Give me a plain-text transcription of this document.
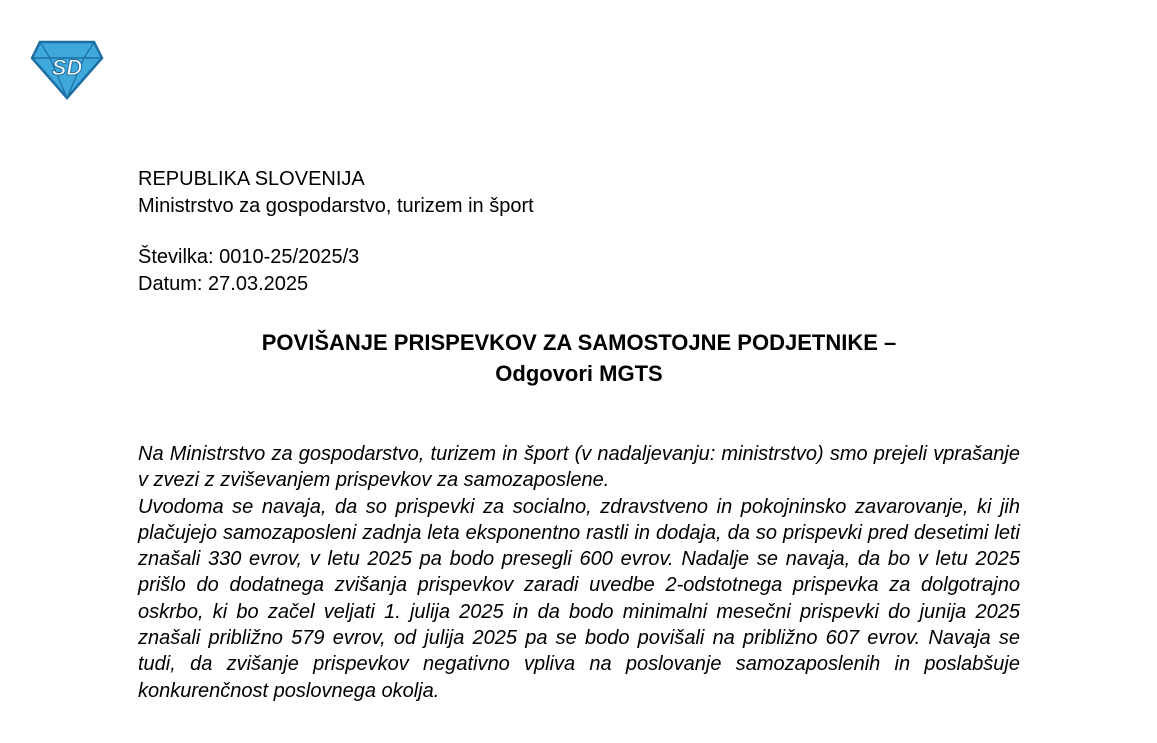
SD
REPUBLIKA SLOVENIJA
Ministrstvo za gospodarstvo, turizem in šport
Številka: 0010-25/2025/3
Datum: 27.03.2025
POVIŠANJE PRISPEVKOV ZA SAMOSTOJNE PODJETNIKE –
Odgovori MGTS

Na Ministrstvo za gospodarstvo, turizem in šport (v nadaljevanju: ministrstvo) smo prejeli vprašanje v zvezi z zviševanjem prispevkov za samozaposlene.

Uvodoma se navaja, da so prispevki za socialno, zdravstveno in pokojninsko zavarovanje, ki jih plačujejo samozaposleni zadnja leta eksponentno rastli in dodaja, da so prispevki pred desetimi leti znašali 330 evrov, v letu 2025 pa bodo presegli 600 evrov. Nadalje se navaja, da bo v letu 2025 prišlo do dodatnega zvišanja prispevkov zaradi uvedbe 2-odstotnega prispevka za dolgotrajno oskrbo, ki bo začel veljati 1. julija 2025 in da bodo minimalni mesečni prispevki do junija 2025 znašali približno 579 evrov, od julija 2025 pa se bodo povišali na približno 607 evrov. Navaja se tudi, da zvišanje prispevkov negativno vpliva na poslovanje samozaposlenih in poslabšuje konkurenčnost poslovnega okolja.
